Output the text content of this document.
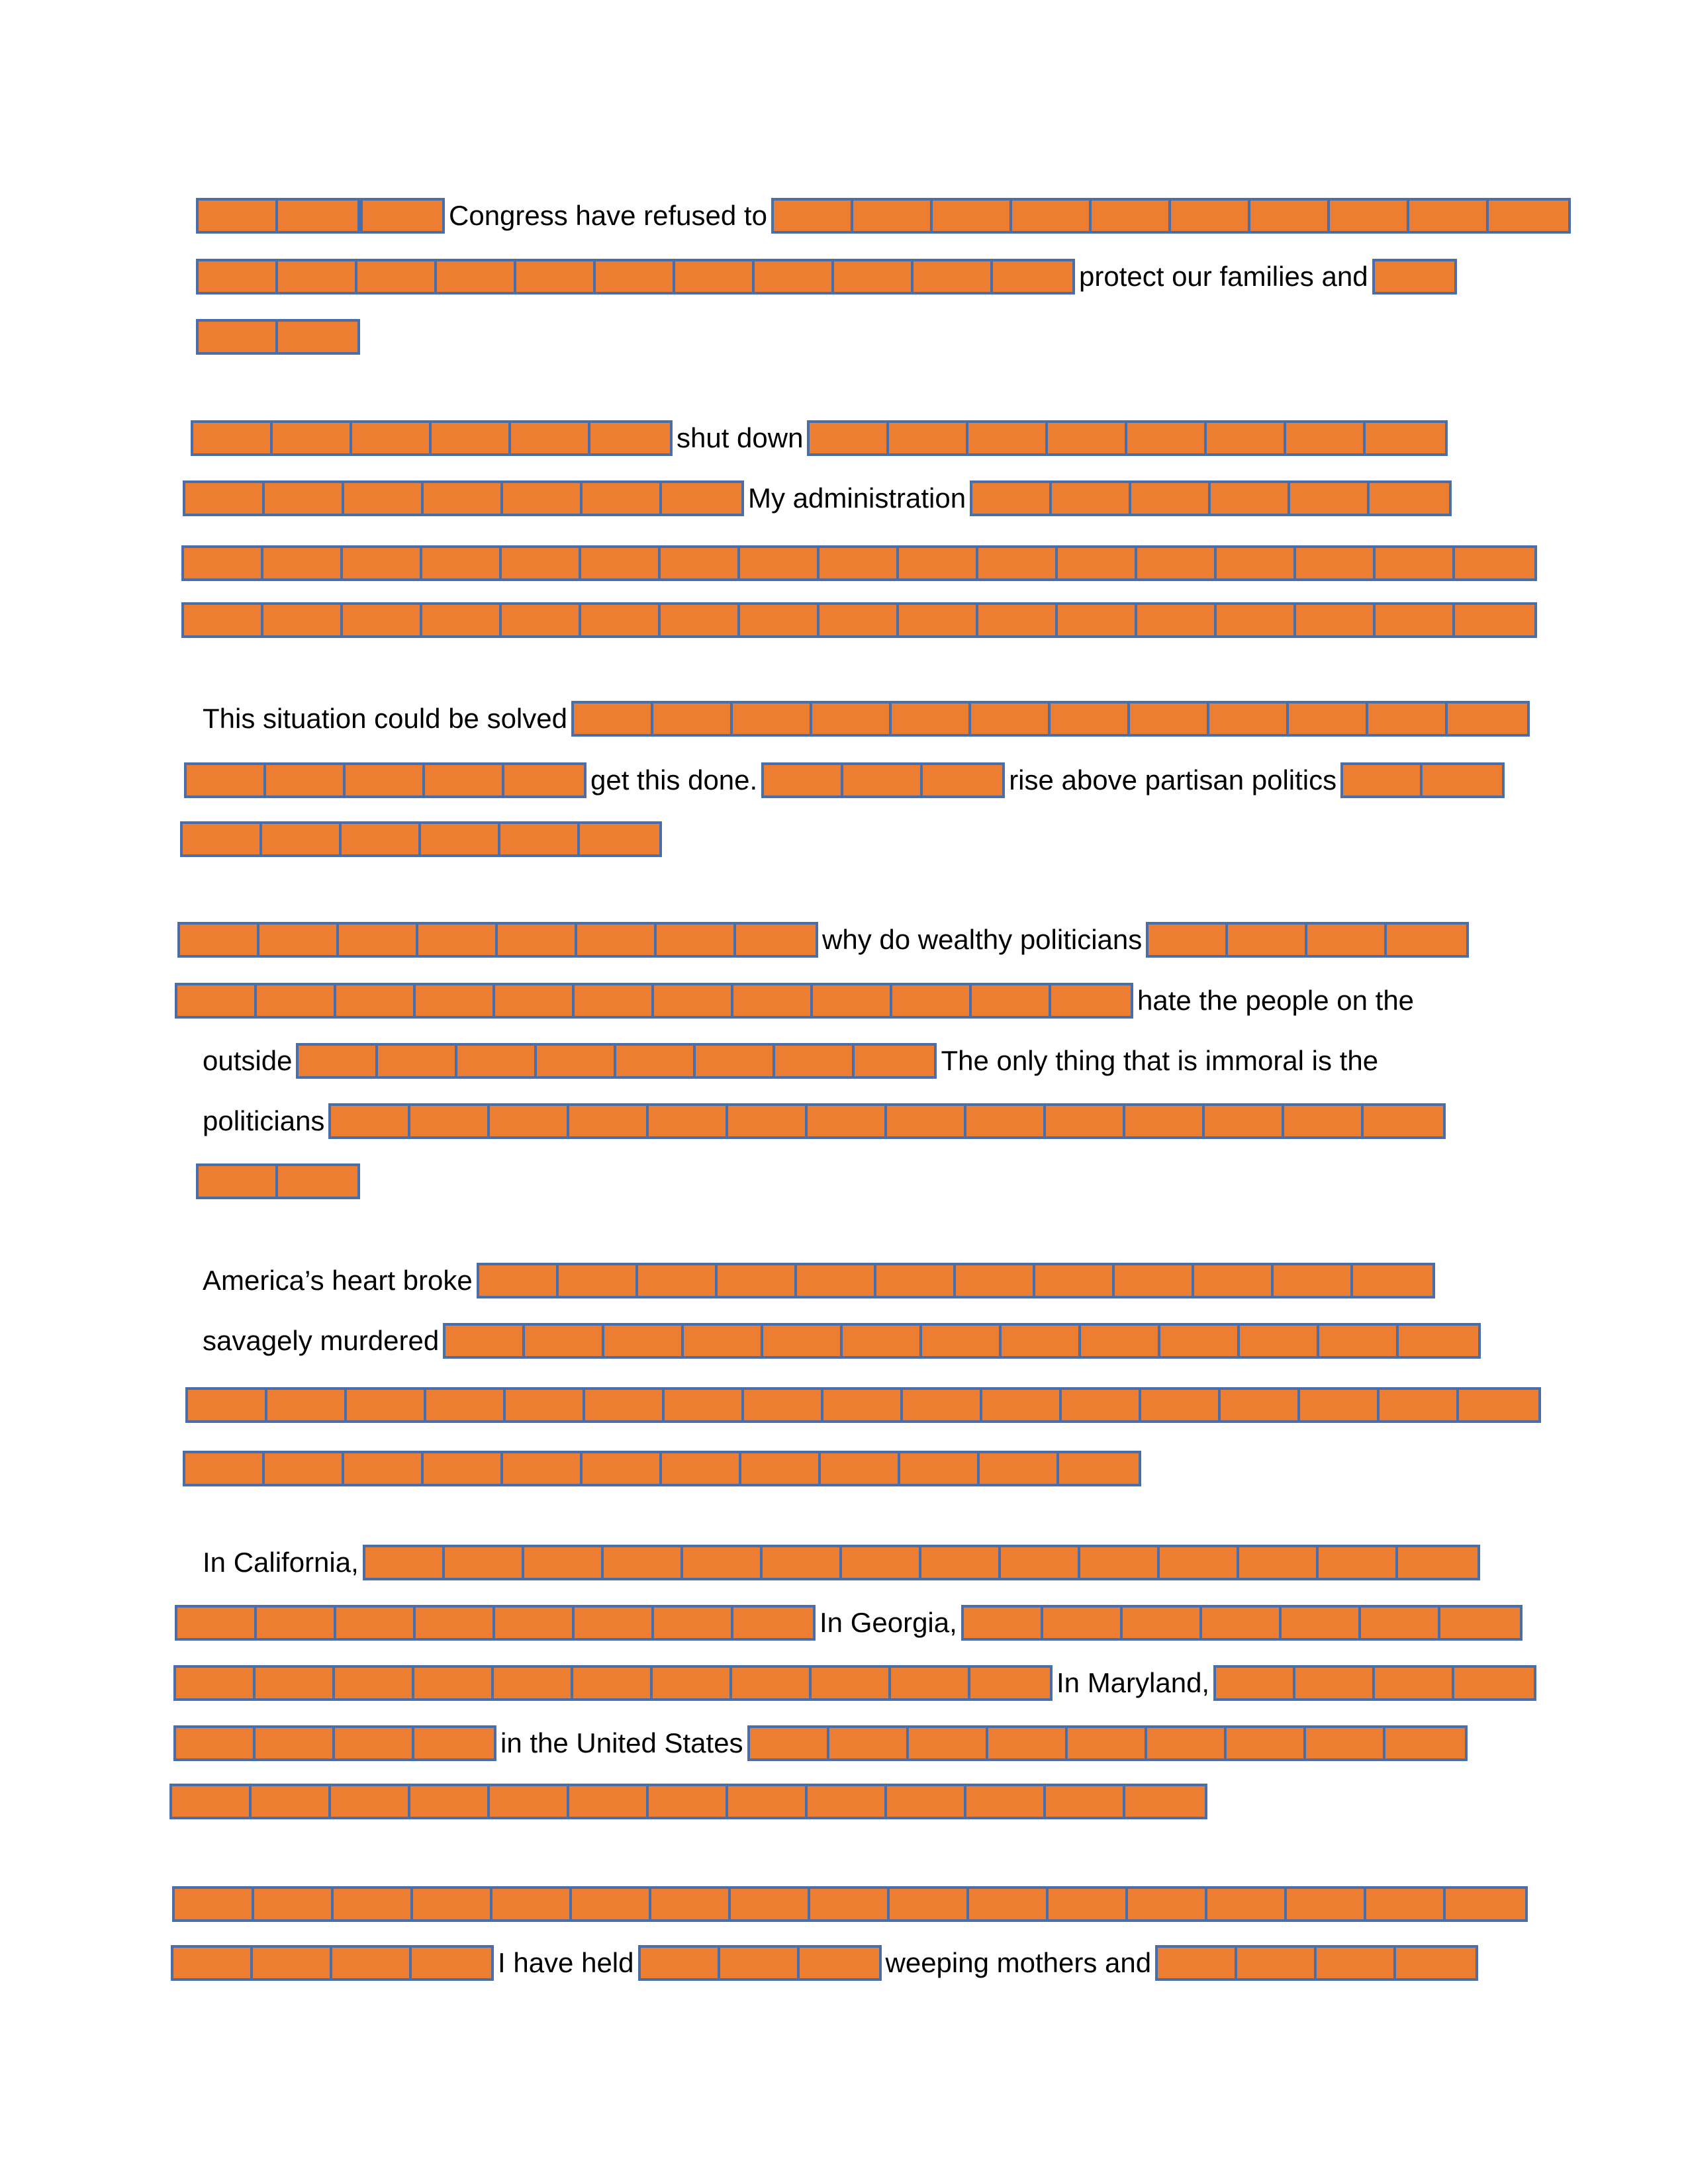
Congress have refused to
protect our families and
shut down
My administration
This situation could be solved
get this done.	rise above partisan politics
why do wealthy politicians
hate the people on the
outside	The only thing that is immoral is the
politicians
America’s heart broke
savagely murdered
In California,
In Georgia,
In Maryland,
in the United States
I have held	weeping mothers and
